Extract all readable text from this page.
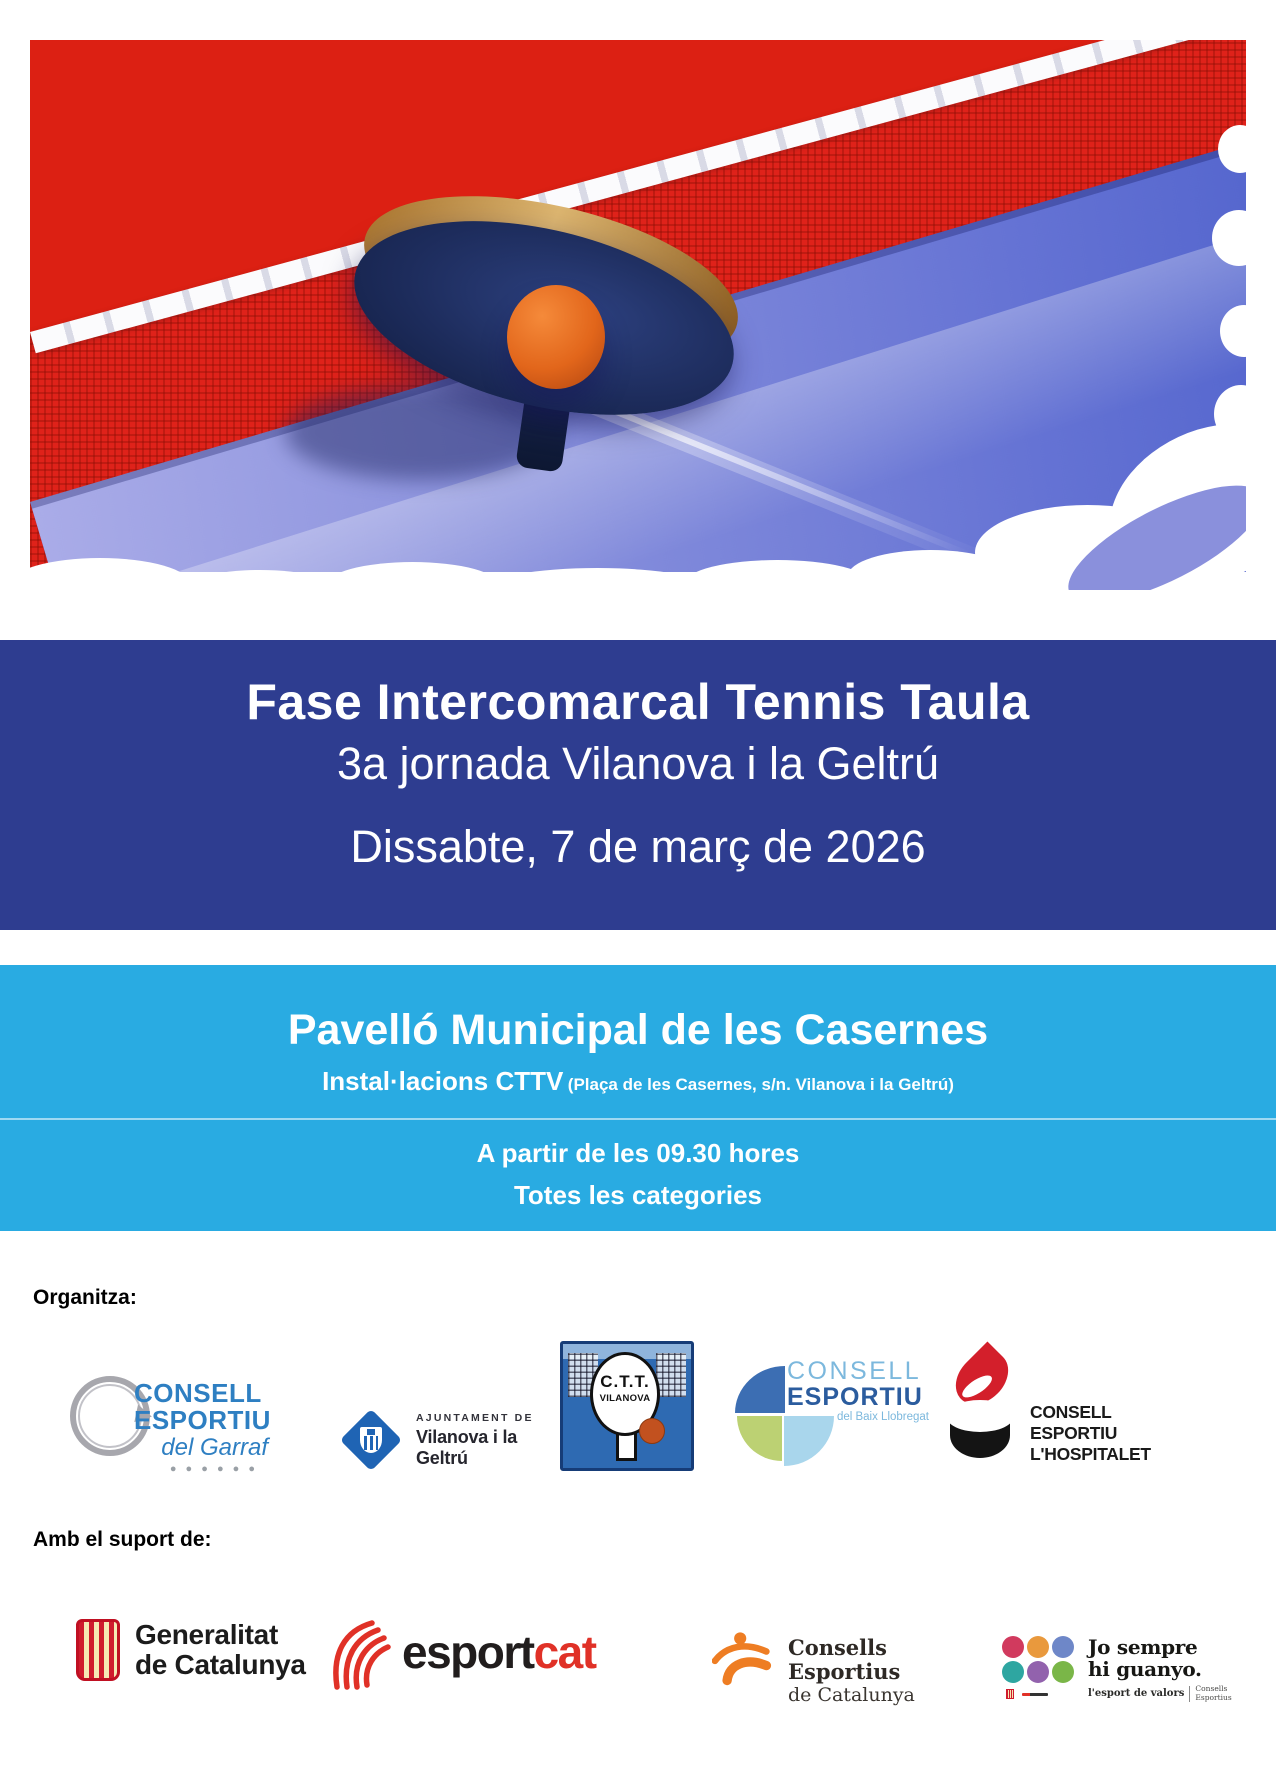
Fase Intercomarcal Tennis Taula
3a jornada Vilanova i la Geltrú
Dissabte, 7 de març de 2026
Pavelló Municipal de les Casernes
Instal·lacions CTTV (Plaça de les Casernes, s/n. Vilanova i la Geltrú)
A partir de les 09.30 hores
Totes les categories
Organitza:
CONSELL
ESPORTIU
del Garraf
● ● ● ● ● ●
AJUNTAMENT DE
Vilanova i la Geltrú
C.T.T.
VILANOVA
CONSELL
ESPORTIU
del Baix Llobregat	CONSELL
ESPORTIU
L'HOSPITALET
Amb el suport de:
Generalitat
de Catalunya esportcat	Consells Esportius
de Catalunya
Jo sempre
hi guanyo.
l'esport de valors Consells
Esportius
